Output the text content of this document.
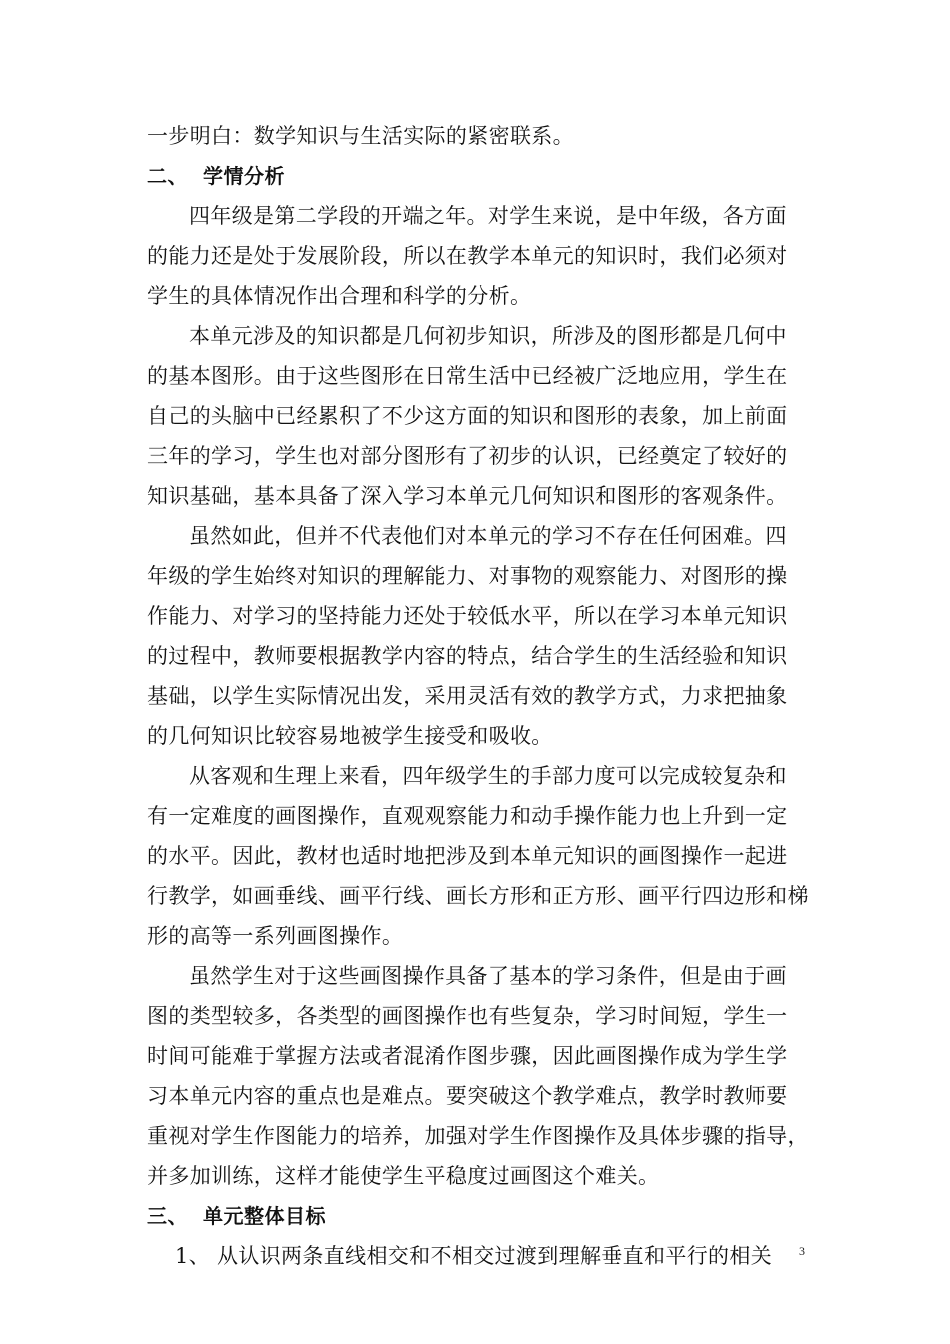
一步明白：数学知识与生活实际的紧密联系。
二、 学情分析
四年级是第二学段的开端之年。对学生来说，是中年级，各方面
的能力还是处于发展阶段，所以在教学本单元的知识时，我们必须对
学生的具体情况作出合理和科学的分析。
本单元涉及的知识都是几何初步知识，所涉及的图形都是几何中
的基本图形。由于这些图形在日常生活中已经被广泛地应用，学生在
自己的头脑中已经累积了不少这方面的知识和图形的表象，加上前面
三年的学习，学生也对部分图形有了初步的认识，已经奠定了较好的
知识基础，基本具备了深入学习本单元几何知识和图形的客观条件。
虽然如此，但并不代表他们对本单元的学习不存在任何困难。四
年级的学生始终对知识的理解能力、对事物的观察能力、对图形的操
作能力、对学习的坚持能力还处于较低水平，所以在学习本单元知识
的过程中，教师要根据教学内容的特点，结合学生的生活经验和知识
基础，以学生实际情况出发，采用灵活有效的教学方式，力求把抽象
的几何知识比较容易地被学生接受和吸收。
从客观和生理上来看，四年级学生的手部力度可以完成较复杂和
有一定难度的画图操作，直观观察能力和动手操作能力也上升到一定
的水平。因此，教材也适时地把涉及到本单元知识的画图操作一起进
行教学，如画垂线、画平行线、画长方形和正方形、画平行四边形和梯
形的高等一系列画图操作。
虽然学生对于这些画图操作具备了基本的学习条件，但是由于画
图的类型较多，各类型的画图操作也有些复杂，学习时间短，学生一
时间可能难于掌握方法或者混淆作图步骤，因此画图操作成为学生学
习本单元内容的重点也是难点。要突破这个教学难点，教学时教师要
重视对学生作图能力的培养，加强对学生作图操作及具体步骤的指导，
并多加训练，这样才能使学生平稳度过画图这个难关。
三、 单元整体目标
1、 从认识两条直线相交和不相交过渡到理解垂直和平行的相关	3
